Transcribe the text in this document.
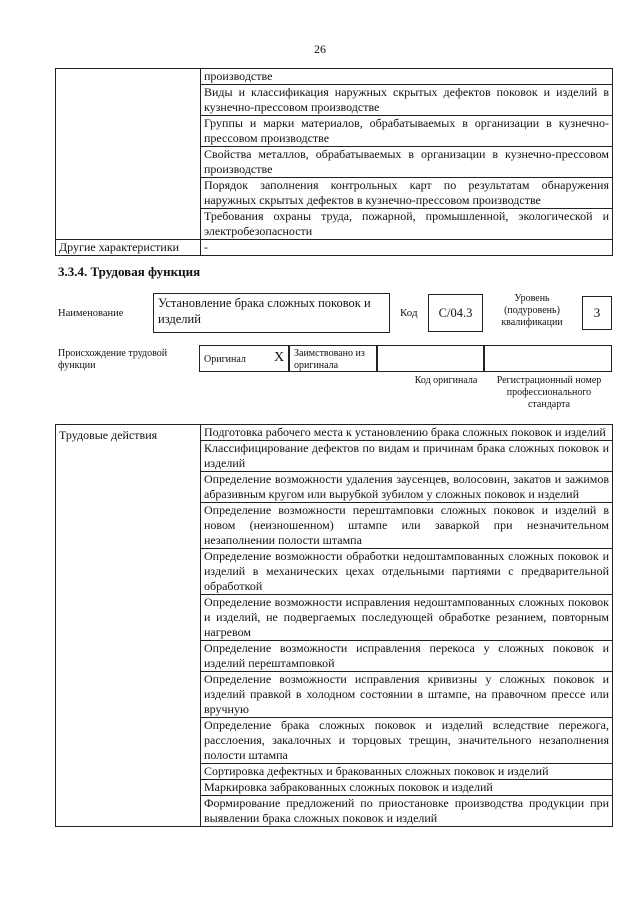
26
	производстве
	Виды и классификация наружных скрытых дефектов поковок и изделий в кузнечно-прессовом производстве
	Группы и марки материалов, обрабатываемых в организации в кузнечно-прессовом производстве
	Свойства металлов, обрабатываемых в организации в кузнечно-прессовом производстве
	Порядок заполнения контрольных карт по результатам обнаружения наружных скрытых дефектов в кузнечно-прессовом производстве
	Требования охраны труда, пожарной, промышленной, экологической и электробезопасности
Другие характеристики	-
3.3.4. Трудовая функция
Наименование
Установление брака сложных поковок и изделий	Код	С/04.3
Уровень (подуровень) квалификации
3
Происхождение трудовой функции
Оригинал X Заимствовано из оригинала
Код оригинала	Регистрационный номер профессионального стандарта
Трудовые действия	Подготовка рабочего места к установлению брака сложных поковок и изделий
Классифицирование дефектов по видам и причинам брака сложных поковок и изделий
Определение возможности удаления заусенцев, волосовин, закатов и зажимов абразивным кругом или вырубкой зубилом у сложных поковок и изделий
Определение возможности перештамповки сложных поковок и изделий в новом (неизношенном) штампе или заваркой при незначительном незаполнении полости штампа
Определение возможности обработки недоштампованных сложных поковок и изделий в механических цехах отдельными партиями с предварительной обработкой
Определение возможности исправления недоштампованных сложных поковок и изделий, не подвергаемых последующей обработке резанием, повторным нагревом
Определение возможности исправления перекоса у сложных поковок и изделий перештамповкой
Определение возможности исправления кривизны у сложных поковок и изделий правкой в холодном состоянии в штампе, на правочном прессе или вручную
Определение брака сложных поковок и изделий вследствие пережога, расслоения, закалочных и торцовых трещин, значительного незаполнения полости штампа
Сортировка дефектных и бракованных сложных поковок и изделий
Маркировка забракованных сложных поковок и изделий
Формирование предложений по приостановке производства продукции при выявлении брака сложных поковок и изделий
